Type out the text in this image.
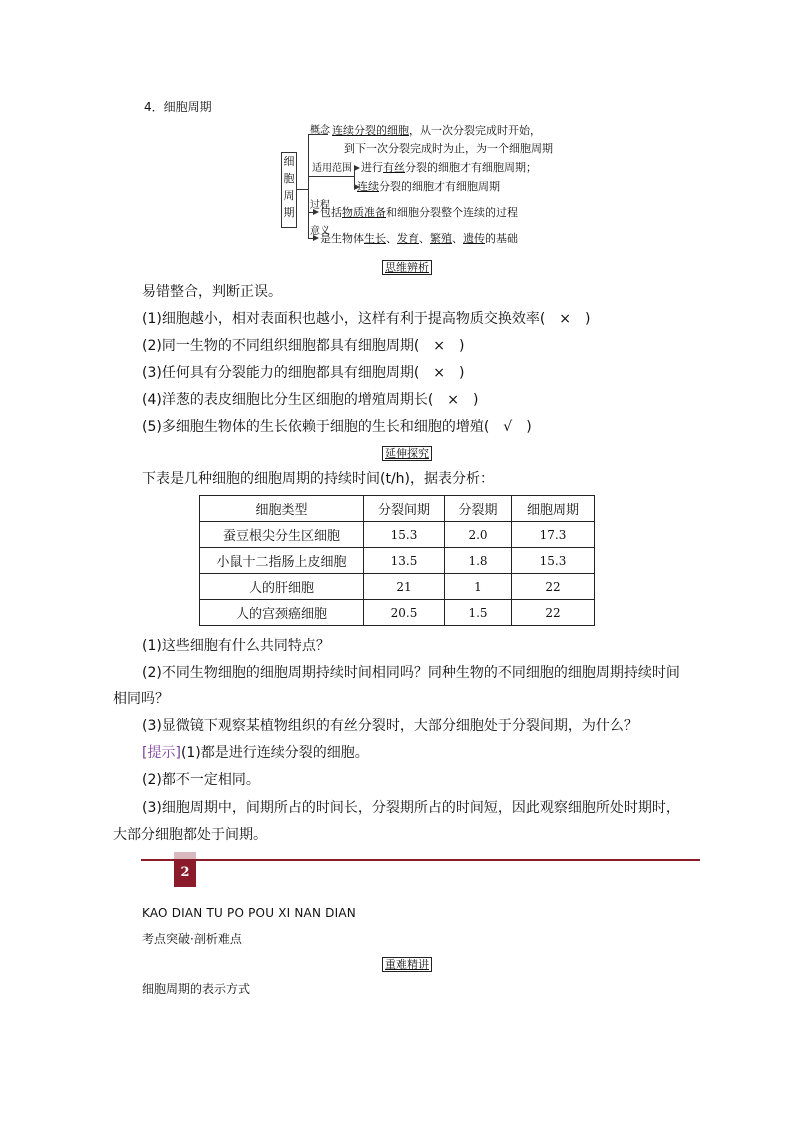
4．细胞周期
细
胞
周
期
概念 连续分裂的细胞，从一次分裂完成时开始，
到下一次分裂完成时为止，为一个细胞周期
适用范围 进行有丝分裂的细胞才有细胞周期；
连续分裂的细胞才有细胞周期
过程
包括物质准备和细胞分裂整个连续的过程
意义
是生物体生长、发育、繁殖、遗传的基础
思维辨析
易错整合，判断正误。
(1)细胞越小，相对表面积也越小，这样有利于提高物质交换效率(　×　)
(2)同一生物的不同组织细胞都具有细胞周期(　×　)
(3)任何具有分裂能力的细胞都具有细胞周期(　×　)
(4)洋葱的表皮细胞比分生区细胞的增殖周期长(　×　)
(5)多细胞生物体的生长依赖于细胞的生长和细胞的增殖(　√　)
延伸探究
下表是几种细胞的细胞周期的持续时间(t/h)，据表分析：
细胞类型	分裂间期	分裂期	细胞周期
蚕豆根尖分生区细胞	15.3	2.0	17.3
小鼠十二指肠上皮细胞	13.5	1.8	15.3
人的肝细胞	21	1	22
人的宫颈癌细胞	20.5	1.5	22
(1)这些细胞有什么共同特点？
(2)不同生物细胞的细胞周期持续时间相同吗？同种生物的不同细胞的细胞周期持续时间
相同吗？
(3)显微镜下观察某植物组织的有丝分裂时，大部分细胞处于分裂间期，为什么？
[提示](1)都是进行连续分裂的细胞。
(2)都不一定相同。
(3)细胞周期中，间期所占的时间长，分裂期所占的时间短，因此观察细胞所处时期时，
大部分细胞都处于间期。
2
KAO DIAN TU PO POU XI NAN DIAN
考点突破·剖析难点
重难精讲
细胞周期的表示方式
